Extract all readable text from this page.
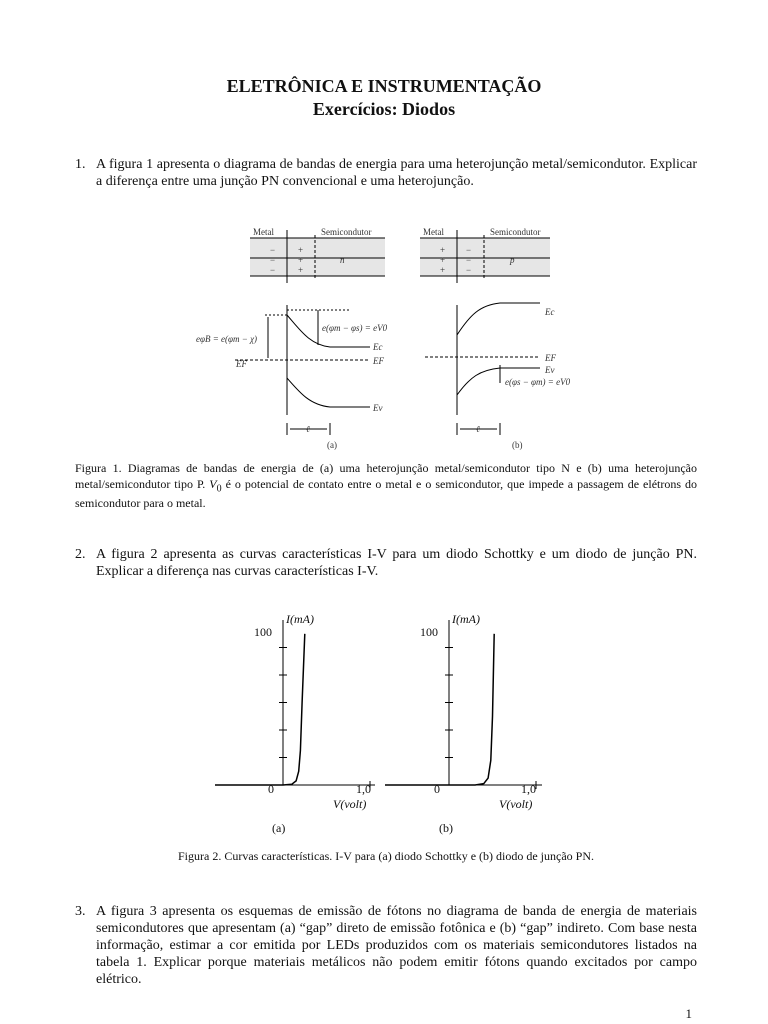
ELETRÔNICA E INSTRUMENTAÇÃO
Exercícios: Diodos
1. A figura 1 apresenta o diagrama de bandas de energia para uma heterojunção metal/semicondutor. Explicar a diferença entre uma junção PN convencional e uma heterojunção.
Metal	Semicondutor
−
−
−
+
+
+
n
Metal	Semicondutor
+
+
+
−
−
−
p
eφB = e(φm − χ)
e(φm − φs) = eV0
Ec
EF	EF
Ev
ℓ
(a)
Ec
EF
Ev
e(φs − φm) = eV0
ℓ
(b)
Figura 1. Diagramas de bandas de energia de (a) uma heterojunção metal/semicondutor tipo N e (b) uma heterojunção metal/semicondutor tipo P. $V_0$ é o potencial de contato entre o metal e o semicondutor, que impede a passagem de elétrons do semicondutor para o metal.
2. A figura 2 apresenta as curvas características I-V para um diodo Schottky e um diodo de junção PN. Explicar a diferença nas curvas características I-V.
I(mA)
100
0	1,0
V(volt)
(a)
I(mA)
100
0	1,0
V(volt)
(b)
Figura 2. Curvas características. I-V para (a) diodo Schottky e (b) diodo de junção PN.
3. A figura 3 apresenta os esquemas de emissão de fótons no diagrama de banda de energia de materiais semicondutores que apresentam (a) “gap” direto de emissão fotônica e (b) “gap” indireto. Com base nesta informação, estimar a cor emitida por LEDs produzidos com os materiais semicondutores listados na tabela 1. Explicar porque materiais metálicos não podem emitir fótons quando excitados por campo elétrico.
1
